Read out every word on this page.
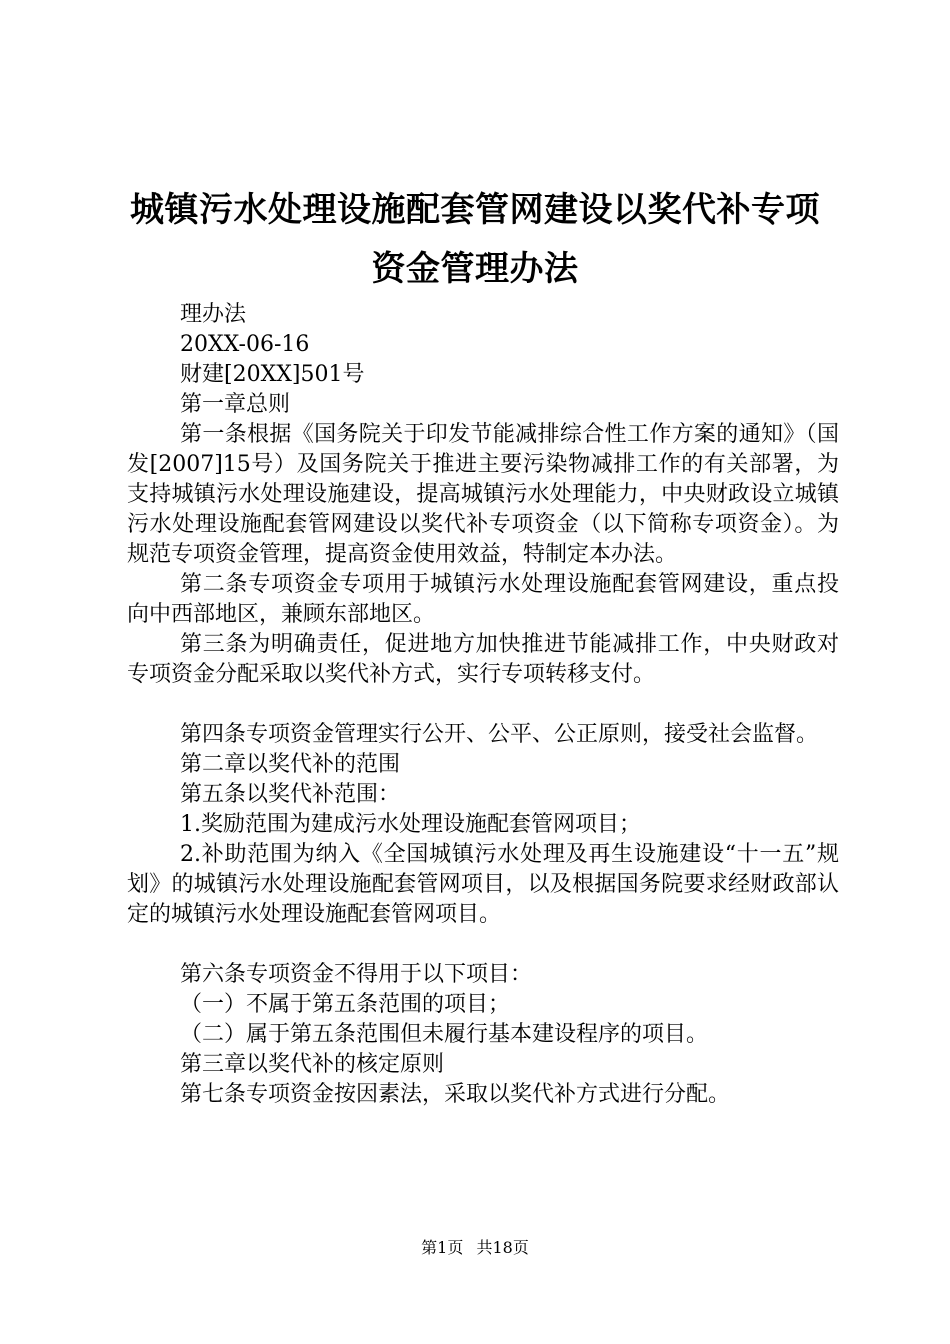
城镇污水处理设施配套管网建设以奖代补专项
资金管理办法

理办法

20XX-06-16

财建[20XX]501号

第一章总则

第一条根据《国务院关于印发节能减排综合性工作方案的通知》（国发[2007]15号）及国务院关于推进主要污染物减排工作的有关部署，为支持城镇污水处理设施建设，提高城镇污水处理能力，中央财政设立城镇污水处理设施配套管网建设以奖代补专项资金（以下简称专项资金）。为规范专项资金管理，提高资金使用效益，特制定本办法。

第二条专项资金专项用于城镇污水处理设施配套管网建设，重点投向中西部地区，兼顾东部地区。

第三条为明确责任，促进地方加快推进节能减排工作，中央财政对专项资金分配采取以奖代补方式，实行专项转移支付。

第四条专项资金管理实行公开、公平、公正原则，接受社会监督。

第二章以奖代补的范围

第五条以奖代补范围：

1.奖励范围为建成污水处理设施配套管网项目；

2.补助范围为纳入《全国城镇污水处理及再生设施建设“十一五”规划》的城镇污水处理设施配套管网项目，以及根据国务院要求经财政部认定的城镇污水处理设施配套管网项目。

第六条专项资金不得用于以下项目：

（一）不属于第五条范围的项目；

（二）属于第五条范围但未履行基本建设程序的项目。

第三章以奖代补的核定原则

第七条专项资金按因素法，采取以奖代补方式进行分配。

第1页 共18页
